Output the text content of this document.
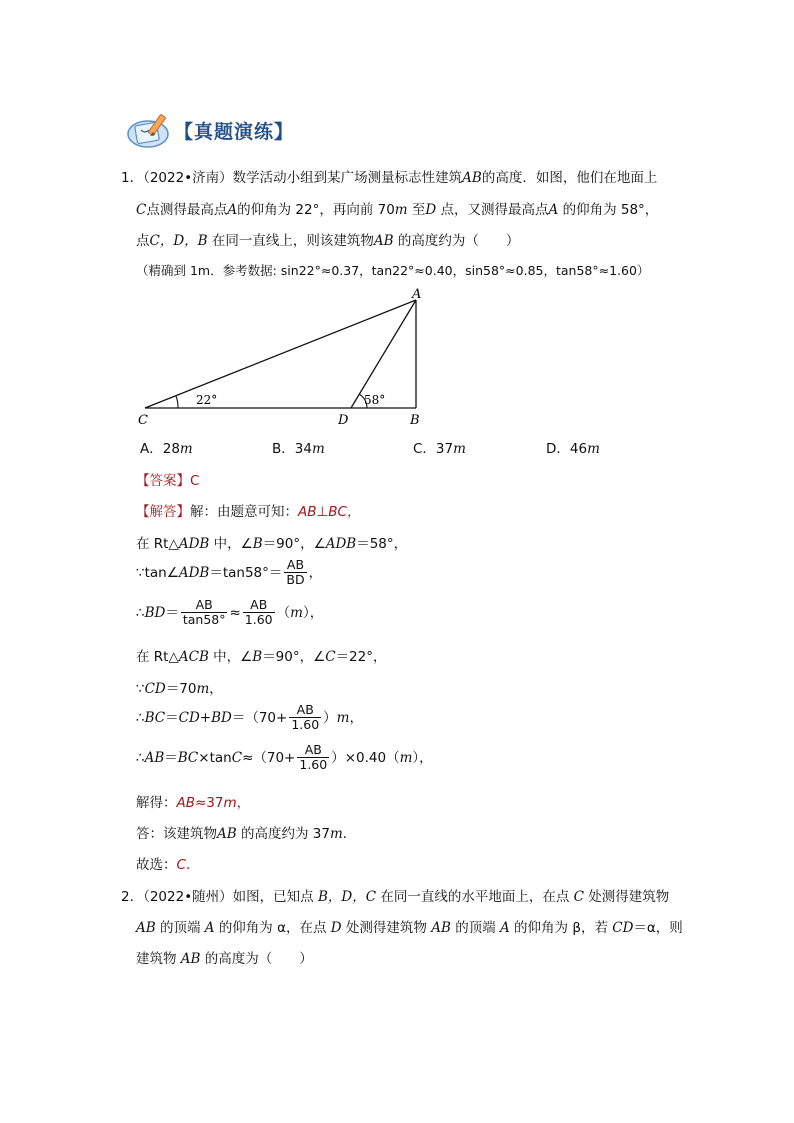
【真题演练】
1．（2022•济南）数学活动小组到某广场测量标志性建筑AB的高度．如图，他们在地面上
C点测得最高点A的仰角为 22°，再向前 70m 至D 点，又测得最高点A 的仰角为 58°，
点C，D，B 在同一直线上，则该建筑物AB 的高度约为（　　）
（精确到 1m．参考数据: sin22°≈0.37，tan22°≈0.40，sin58°≈0.85，tan58°≈1.60）
A
B
C	D
22°	58°
A．28m	B．34m	C．37m	D．46m
【答案】C
【解答】解：由题意可知：AB⊥BC，
在 Rt△ADB 中，∠B＝90°，∠ADB＝58°，
∵tan∠ADB＝tan58°＝ $\frac{AB}{BD}$ ，
∴BD＝ $\frac{AB}{\tan 58^\circ} \approx \frac{AB}{1.60} (m)$，
在 Rt△ACB 中，∠B＝90°，∠C＝22°，
∵CD＝70m，
∴BC＝CD+BD＝（70+ $\frac{AB}{1.60} )m$，
∴AB＝BC×tanC≈（70+ $\frac{AB}{1.60} )\times 0.40(m)$，
解得：AB≈37m，
答：该建筑物AB 的高度约为 37m．
故选：C．
2．（2022•随州）如图，已知点 B，D，C 在同一直线的水平地面上，在点 C 处测得建筑物
AB 的顶端 A 的仰角为 α，在点 D 处测得建筑物 AB 的顶端 A 的仰角为 β，若 CD＝α，则
建筑物 AB 的高度为（　　）
